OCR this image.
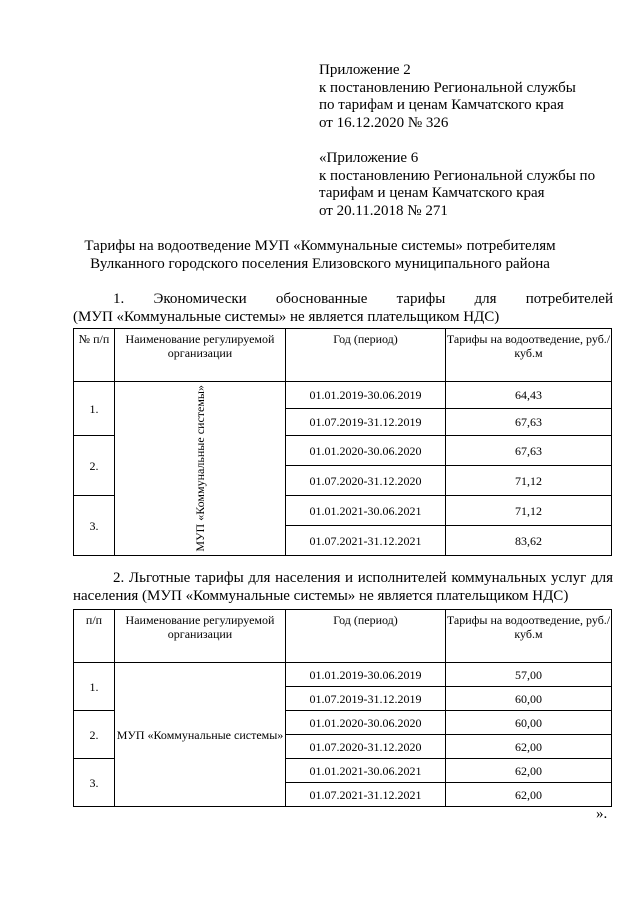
Приложение 2
к постановлению Региональной службы
по тарифам и ценам Камчатского края
от 16.12.2020 № 326
«Приложение 6
к постановлению Региональной службы по
тарифам и ценам Камчатского края
от 20.11.2018 № 271
Тарифы на водоотведение МУП «Коммунальные системы» потребителям
Вулканного городского поселения Елизовского муниципального района
1. Экономически обоснованные тарифы для потребителей
(МУП «Коммунальные системы» не является плательщиком НДС)
№ п/п	Наименование регулируемой организации	Год (период)	Тарифы на водоотведение, руб./куб.м
1.	МУП «Коммунальные системы»	01.01.2019-30.06.2019	64,43
		01.07.2019-31.12.2019	67,63
2.		01.01.2020-30.06.2020	67,63
		01.07.2020-31.12.2020	71,12
3.		01.01.2021-30.06.2021	71,12
		01.07.2021-31.12.2021	83,62
2. Льготные тарифы для населения и исполнителей коммунальных услуг для
населения (МУП «Коммунальные системы» не является плательщиком НДС)
п/п	Наименование регулируемой организации	Год (период)	Тарифы на водоотведение, руб./куб.м
1.	МУП «Коммунальные системы»	01.01.2019-30.06.2019	57,00
		01.07.2019-31.12.2019	60,00
2.		01.01.2020-30.06.2020	60,00
		01.07.2020-31.12.2020	62,00
3.		01.01.2021-30.06.2021	62,00
		01.07.2021-31.12.2021	62,00
».
